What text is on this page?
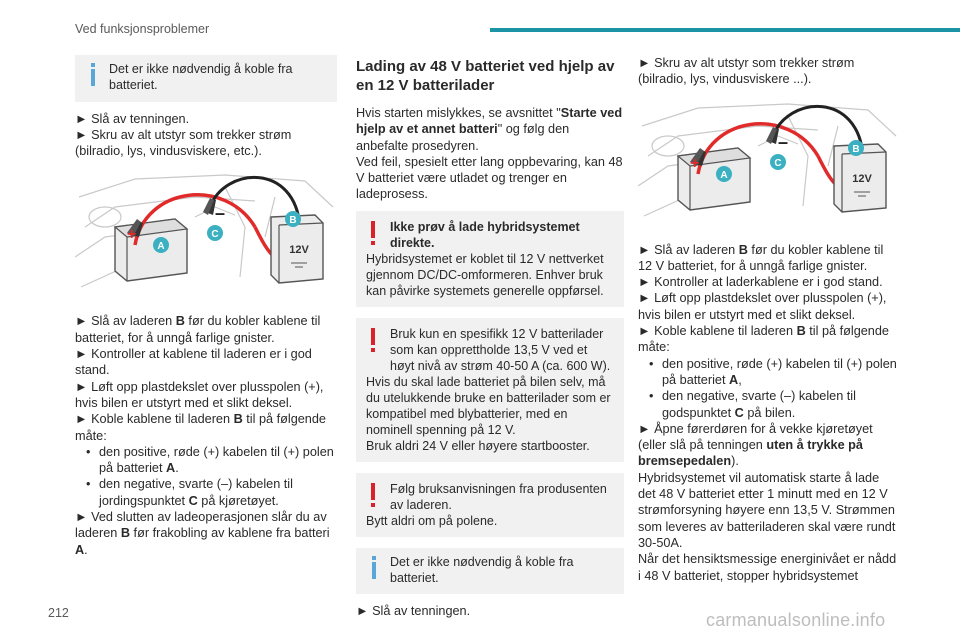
Ved funksjonsproblemer
Det er ikke nødvendig å koble fra batteriet.

► Slå av tenningen.

► Skru av alt utstyr som trekker strøm (bilradio, lys, vindusviskere, etc.).

+
–
A
C
12V
B

► Slå av laderen B før du kobler kablene til batteriet, for å unngå farlige gnister.

► Kontroller at kablene til laderen er i god stand.

► Løft opp plastdekslet over plusspolen (+), hvis bilen er utstyrt med et slikt deksel.

► Koble kablene til laderen B til på følgende måte:

• den positive, røde (+) kabelen til (+) polen på batteriet A.

• den negative, svarte (–) kabelen til jordingspunktet C på kjøretøyet.

► Ved slutten av ladeoperasjonen slår du av laderen B før frakobling av kablene fra batteri A.

Lading av 48 V batteriet ved hjelp av en 12 V batterilader

Hvis starten mislykkes, se avsnittet "Starte ved hjelp av et annet batteri" og følg den anbefalte prosedyren.

Ved feil, spesielt etter lang oppbevaring, kan 48 V batteriet være utladet og trenger en ladeprosess.

Ikke prøv å lade hybridsystemet direkte.
Hybridsystemet er koblet til 12 V nettverket gjennom DC/DC-omformeren. Enhver bruk kan påvirke systemets generelle oppførsel.
Bruk kun en spesifikk 12 V batterilader som kan opprettholde 13,5 V ved et høyt nivå av strøm 40-50 A (ca. 600 W).
Hvis du skal lade batteriet på bilen selv, må du utelukkende bruke en batterilader som er kompatibel med blybatterier, med en nominell spenning på 12 V.
Bruk aldri 24 V eller høyere startbooster.
Følg bruksanvisningen fra produsenten av laderen.
Bytt aldri om på polene.
Det er ikke nødvendig å koble fra batteriet.

► Slå av tenningen.

► Skru av alt utstyr som trekker strøm (bilradio, lys, vindusviskere ...).

+
–
A
C
12V
B

► Slå av laderen B før du kobler kablene til 12 V batteriet, for å unngå farlige gnister.

► Kontroller at laderkablene er i god stand.

► Løft opp plastdekslet over plusspolen (+), hvis bilen er utstyrt med et slikt deksel.

► Koble kablene til laderen B til på følgende måte:

• den positive, røde (+) kabelen til (+) polen på batteriet A,

• den negative, svarte (–) kabelen til godspunktet C på bilen.

► Åpne førerdøren for å vekke kjøretøyet

(eller slå på tenningen uten å trykke på bremsepedalen).

Hybridsystemet vil automatisk starte å lade det 48 V batteriet etter 1 minutt med en 12 V strømforsyning høyere enn 13,5 V. Strømmen som leveres av batteriladeren skal være rundt 30-50A.

Når det hensiktsmessige energinivået er nådd i 48 V batteriet, stopper hybridsystemet

212	carmanualsonline.info
